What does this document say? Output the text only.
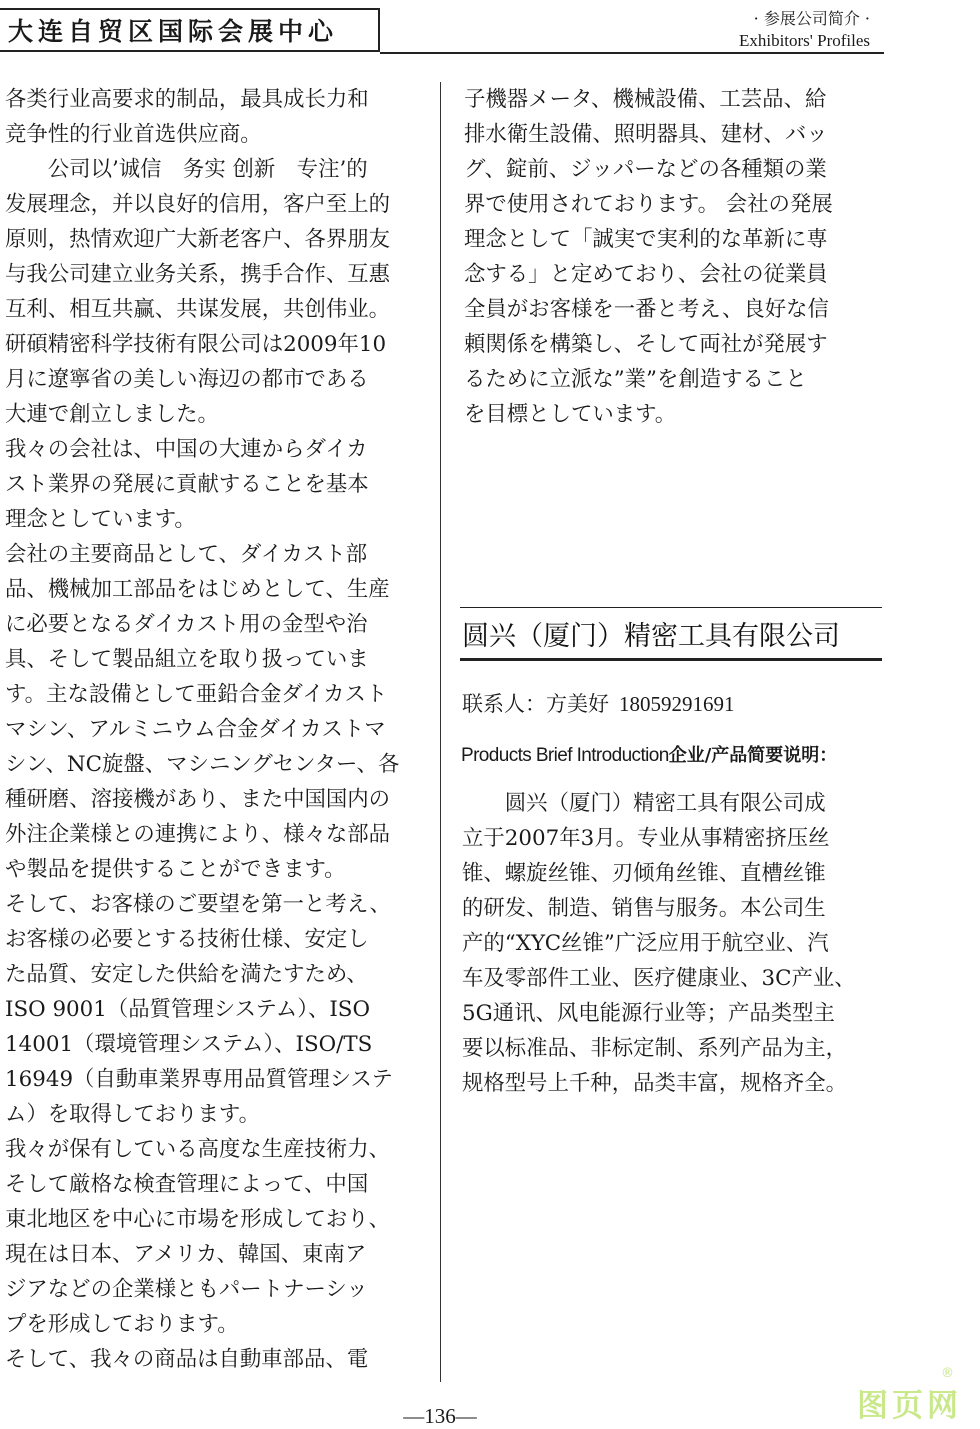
大连自贸区国际会展中心	· 参展公司简介 ·
Exhibitors' Profiles
各类行业高要求的制品，最具成长力和
竞争性的行业首选供应商。
　　公司以’诚信　务实 创新　专注’的
发展理念，并以良好的信用，客户至上的
原则，热情欢迎广大新老客户、各界朋友
与我公司建立业务关系，携手合作、互惠
互利、相互共赢、共谋发展，共创伟业。
研碩精密科学技術有限公司は2009年10
月に遼寧省の美しい海辺の都市である
大連で創立しました。
我々の会社は、中国の大連からダイカ
スト業界の発展に貢献することを基本
理念としています。
会社の主要商品として、ダイカスト部
品、機械加工部品をはじめとして、生産
に必要となるダイカスト用の金型や治
具、そして製品組立を取り扱っていま
す。主な設備として亜鉛合金ダイカスト
マシン、アルミニウム合金ダイカストマ
シン、NC旋盤、マシニングセンター、各
種研磨、溶接機があり、また中国国内の
外注企業様との連携により、様々な部品
や製品を提供することができます。
そして、お客様のご要望を第一と考え、
お客様の必要とする技術仕様、安定し
た品質、安定した供給を満たすため、
ISO 9001（品質管理システム）、ISO
14001（環境管理システム）、ISO/TS
16949（自動車業界専用品質管理システ
ム）を取得しております。
我々が保有している高度な生産技術力、
そして厳格な検査管理によって、中国
東北地区を中心に市場を形成しており、
現在は日本、アメリカ、韓国、東南ア
ジアなどの企業様ともパートナーシッ
プを形成しております。
そして、我々の商品は自動車部品、電
子機器メータ、機械設備、工芸品、給
排水衛生設備、照明器具、建材、バッ
グ、錠前、ジッパーなどの各種類の業
界で使用されております。 会社の発展
理念として「誠実で実利的な革新に専
念する」と定めており、会社の従業員
全員がお客様を一番と考え、良好な信
頼関係を構築し、そして両社が発展す
るために立派な”業”を創造すること
を目標としています。
圆兴（厦门）精密工具有限公司
联系人：方美好 18059291691
Products Brief Introduction企业/产品简要说明：
　　圆兴（厦门）精密工具有限公司成
立于2007年3月。专业从事精密挤压丝
锥、螺旋丝锥、刃倾角丝锥、直槽丝锥
的研发、制造、销售与服务。本公司生
产的“XYC丝锥”广泛应用于航空业、汽
车及零部件工业、医疗健康业、3C产业、
5G通讯、风电能源行业等；产品类型主
要以标准品、非标定制、系列产品为主，
规格型号上千种，品类丰富，规格齐全。
—136—	图页网
®
